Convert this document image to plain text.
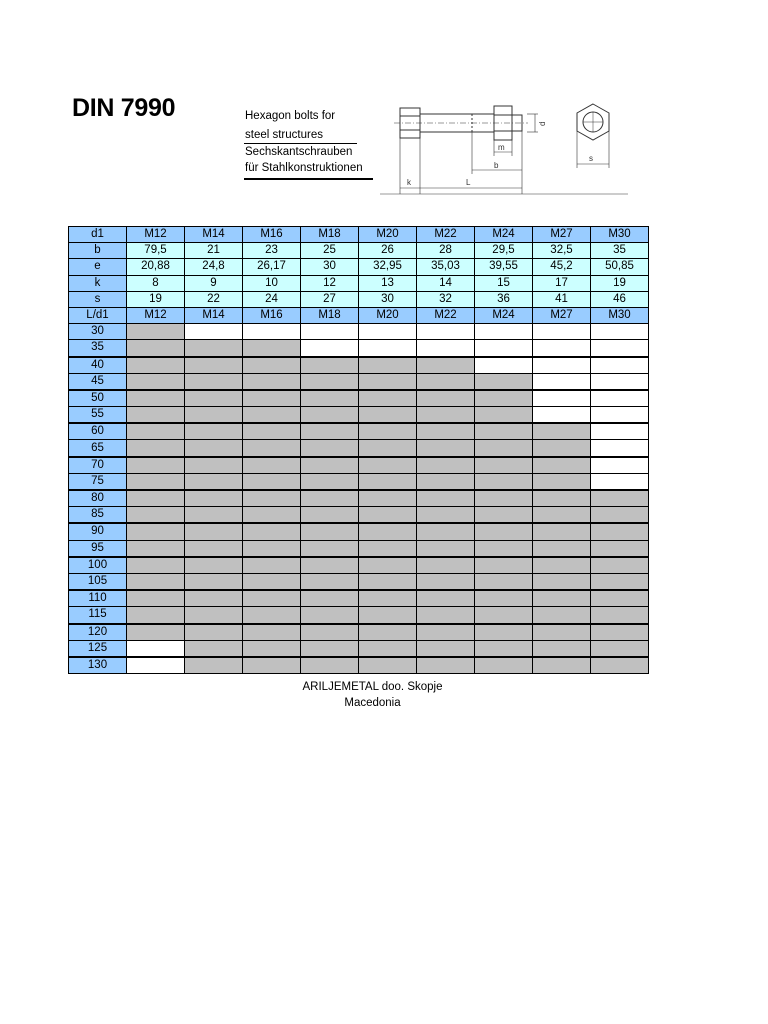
DIN 7990	Hexagon bolts for
steel structures
Sechskantschrauben
für Stahlkonstruktionen
d
m
b
k	L
s
d1	M12	M14	M16	M18	M20	M22	M24	M27	M30
b	79,5	21	23	25	26	28	29,5	32,5	35
e	20,88	24,8	26,17	30	32,95	35,03	39,55	45,2	50,85
k	8	9	10	12	13	14	15	17	19
s	19	22	24	27	30	32	36	41	46
L/d1	M12	M14	M16	M18	M20	M22	M24	M27	M30
30									
35									
40									
45									
50									
55									
60									
65									
70									
75									
80									
85									
90									
95									
100									
105									
110									
115									
120									
125									
130									
ARILJEMETAL doo. Skopje
Macedonia
